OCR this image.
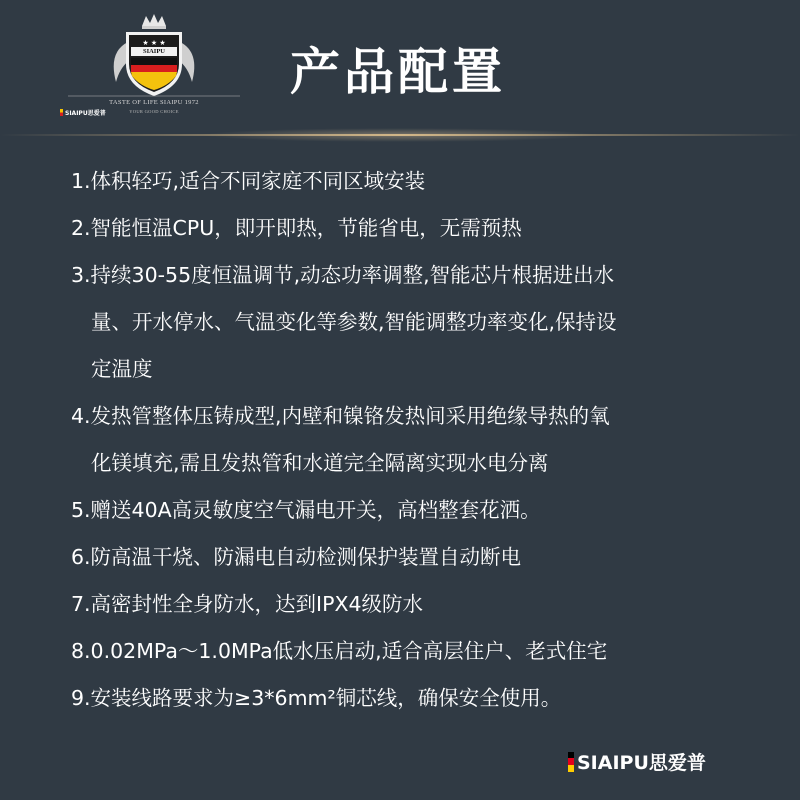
★ ★ ★
SIAIPU
TASTE OF LIFE SIAIPU 1972
YOUR GOOD CHOICE
SIAIPU思爱普
产品配置
1.体积轻巧,适合不同家庭不同区域安装
2.智能恒温CPU，即开即热，节能省电，无需预热
3.持续30-55度恒温调节,动态功率调整,智能芯片根据进出水
量、开水停水、气温变化等参数,智能调整功率变化,保持设
定温度
4.发热管整体压铸成型,内壁和镍铬发热间采用绝缘导热的氧
化镁填充,需且发热管和水道完全隔离实现水电分离
5.赠送40A高灵敏度空气漏电开关，高档整套花洒。
6.防高温干烧、防漏电自动检测保护装置自动断电
7.高密封性全身防水，达到IPX4级防水
8.0.02MPa～1.0MPa低水压启动,适合高层住户、老式住宅
9.安装线路要求为≥3*6mm²铜芯线，确保安全使用。
SIAIPU思爱普
